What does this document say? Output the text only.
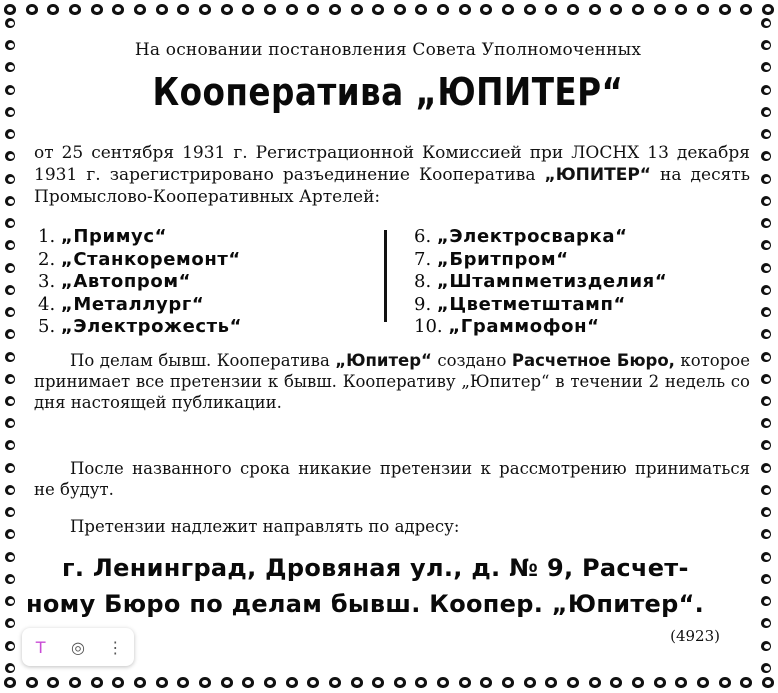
На основании постановления Совета Уполномоченных
Кооператива „ЮПИТЕР“
от 25 сентября 1931 г. Регистрационной Комиссией при ЛОСНХ 13 декабря 1931 г. зарегистрировано разъединение Кооператива „ЮПИТЕР“ на десять Промыслово-Кооперативных Артелей:
1. „Примус“
2. „Станкоремонт“
3. „Автопром“
4. „Металлург“
5. „Электрожесть“
6. „Электросварка“
7. „Бритпром“
8. „Штампметизделия“
9. „Цветметштамп“
10. „Граммофон“
По делам бывш. Кооператива „Юпитер“ создано Расчетное Бюро, которое принимает все претензии к бывш. Кооперативу „Юпитер“ в течении 2 недель со дня настоящей публикации.
После названного срока никакие претензии к рассмотрению приниматься не будут.
Претензии надлежит направлять по адресу:
г. Ленинград, Дровяная ул., д. № 9, Расчет-
ному Бюро по делам бывш. Коопер. „Юпитер“.
(4923)
T	◎	⋮
